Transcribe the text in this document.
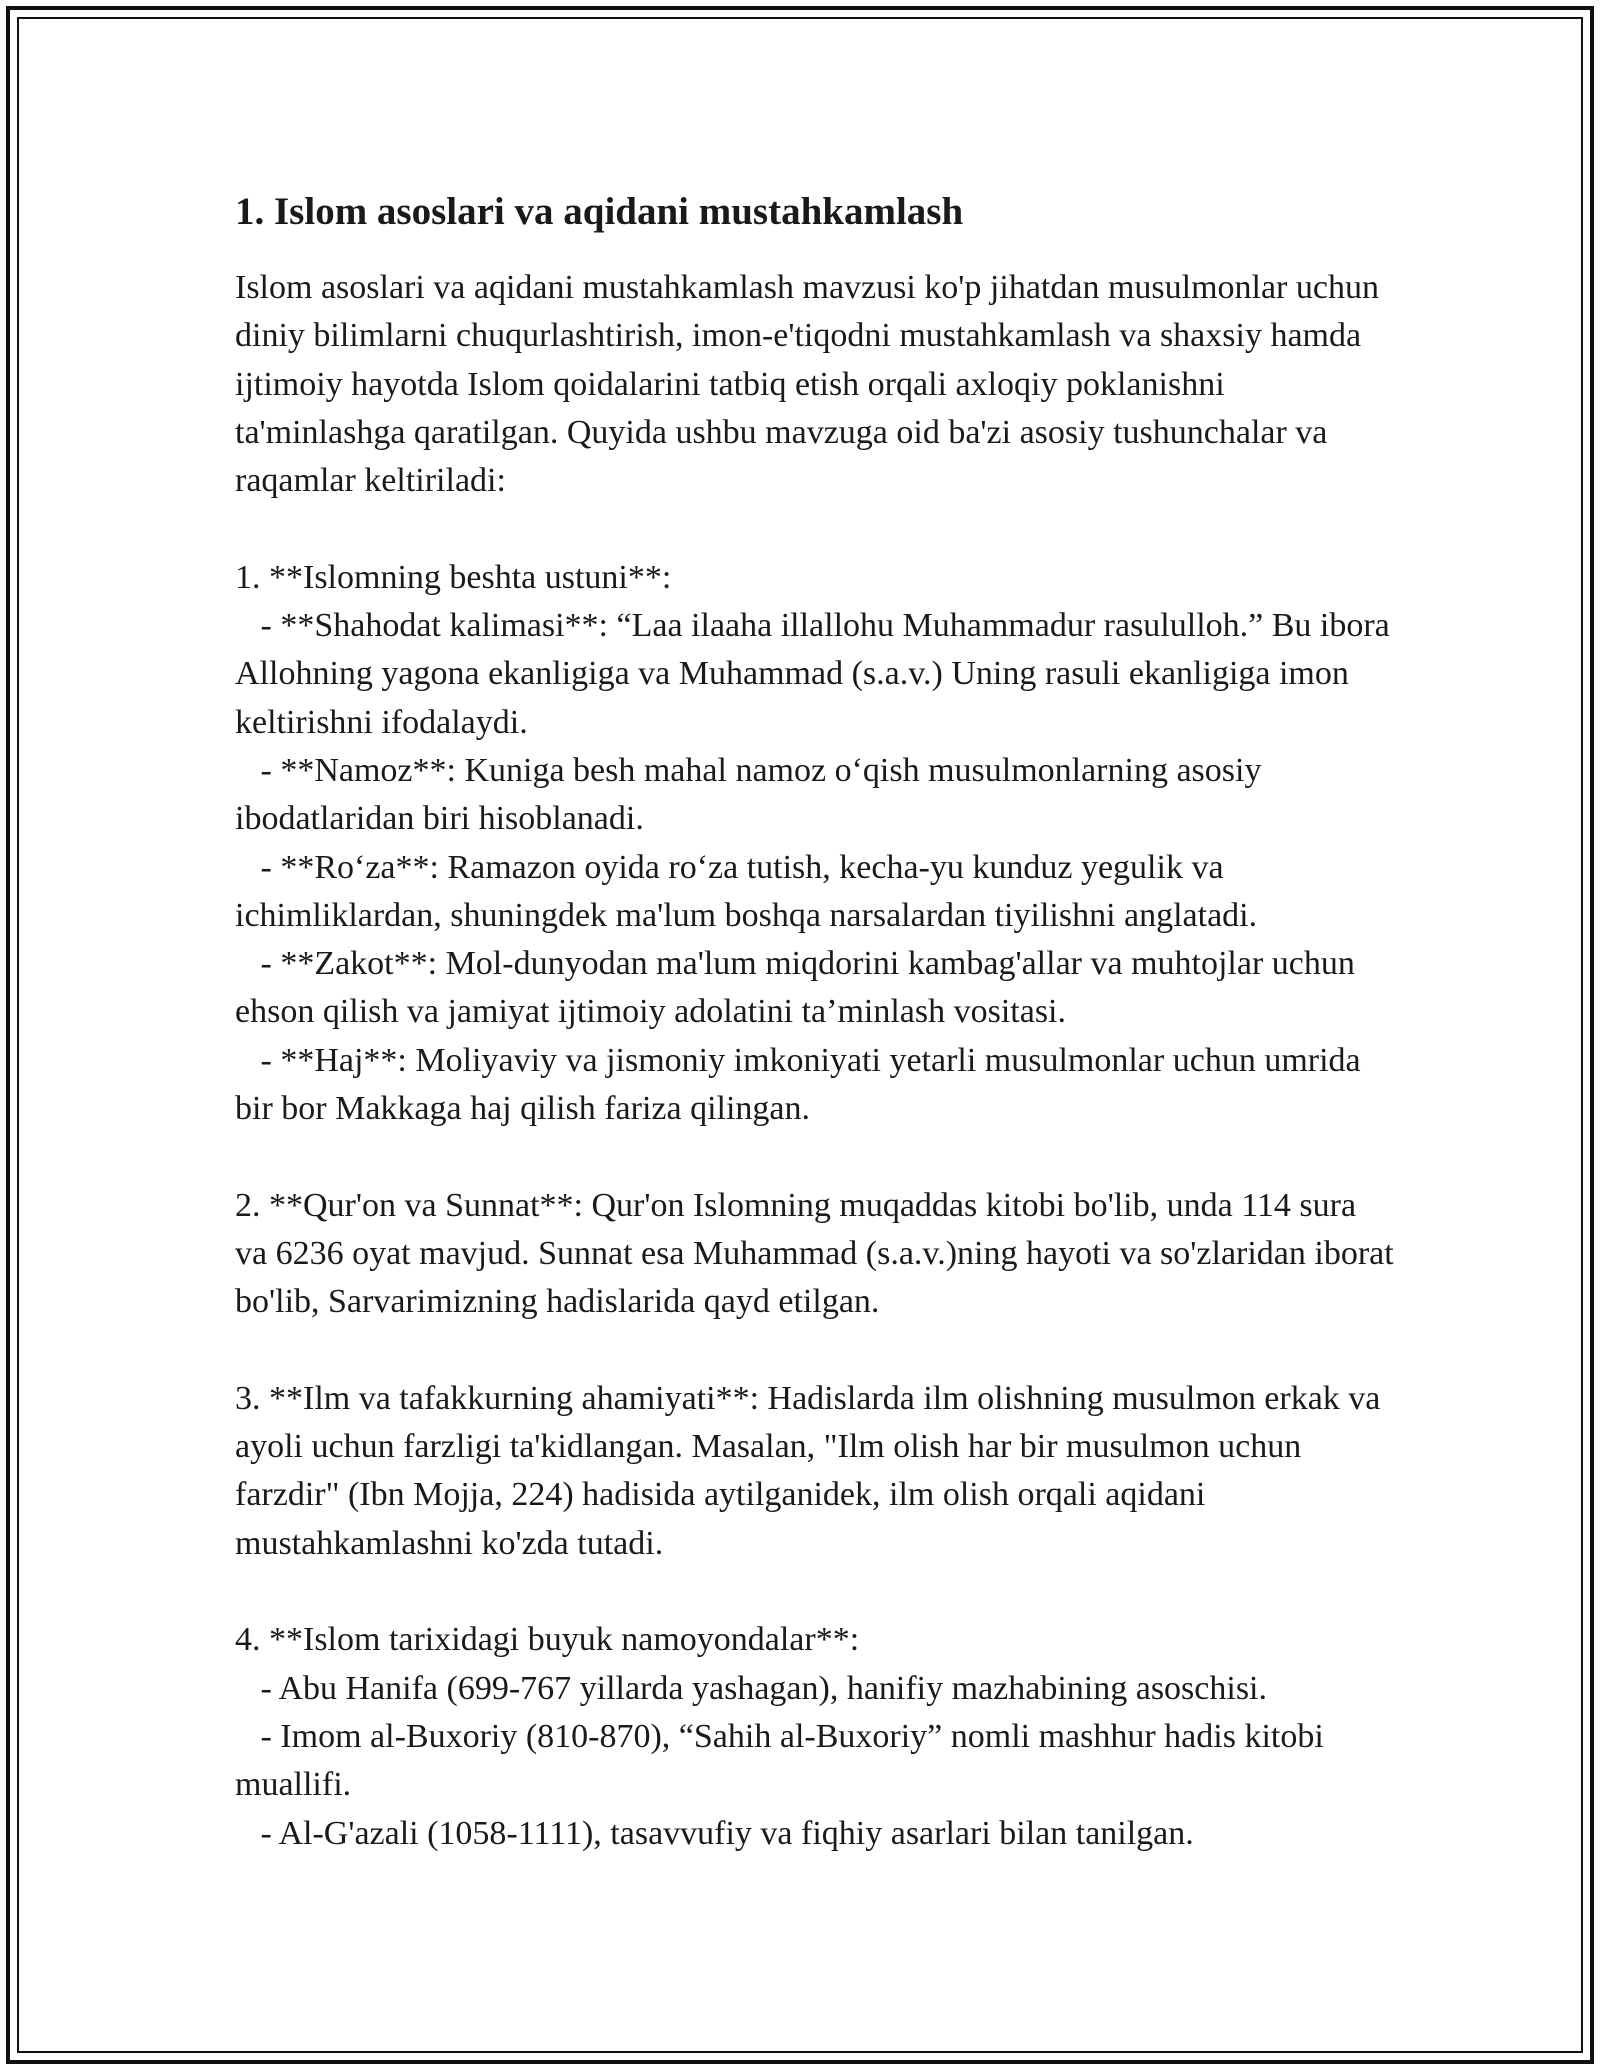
1. Islom asoslari va aqidani mustahkamlash

Islom asoslari va aqidani mustahkamlash mavzusi ko'p jihatdan musulmonlar uchun diniy bilimlarni chuqurlashtirish, imon-e'tiqodni mustahkamlash va shaxsiy hamda ijtimoiy hayotda Islom qoidalarini tatbiq etish orqali axloqiy poklanishni ta'minlashga qaratilgan. Quyida ushbu mavzuga oid ba'zi asosiy tushunchalar va raqamlar keltiriladi:

1. **Islomning beshta ustuni**:

- **Shahodat kalimasi**: “Laa ilaaha illallohu Muhammadur rasululloh.” Bu ibora Allohning yagona ekanligiga va Muhammad (s.a.v.) Uning rasuli ekanligiga imon keltirishni ifodalaydi.

- **Namoz**: Kuniga besh mahal namoz o‘qish musulmonlarning asosiy ibodatlaridan biri hisoblanadi.

- **Ro‘za**: Ramazon oyida ro‘za tutish, kecha-yu kunduz yegulik va ichimliklardan, shuningdek ma'lum boshqa narsalardan tiyilishni anglatadi.

- **Zakot**: Mol-dunyodan ma'lum miqdorini kambag'allar va muhtojlar uchun ehson qilish va jamiyat ijtimoiy adolatini ta’minlash vositasi.

- **Haj**: Moliyaviy va jismoniy imkoniyati yetarli musulmonlar uchun umrida bir bor Makkaga haj qilish fariza qilingan.

2. **Qur'on va Sunnat**: Qur'on Islomning muqaddas kitobi bo'lib, unda 114 sura va 6236 oyat mavjud. Sunnat esa Muhammad (s.a.v.)ning hayoti va so'zlaridan iborat bo'lib, Sarvarimizning hadislarida qayd etilgan.

3. **Ilm va tafakkurning ahamiyati**: Hadislarda ilm olishning musulmon erkak va ayoli uchun farzligi ta'kidlangan. Masalan, "Ilm olish har bir musulmon uchun farzdir" (Ibn Mojja, 224) hadisida aytilganidek, ilm olish orqali aqidani mustahkamlashni ko'zda tutadi.

4. **Islom tarixidagi buyuk namoyondalar**:

- Abu Hanifa (699-767 yillarda yashagan), hanifiy mazhabining asoschisi.

- Imom al-Buxoriy (810-870), “Sahih al-Buxoriy” nomli mashhur hadis kitobi muallifi.

- Al-G'azali (1058-1111), tasavvufiy va fiqhiy asarlari bilan tanilgan.
